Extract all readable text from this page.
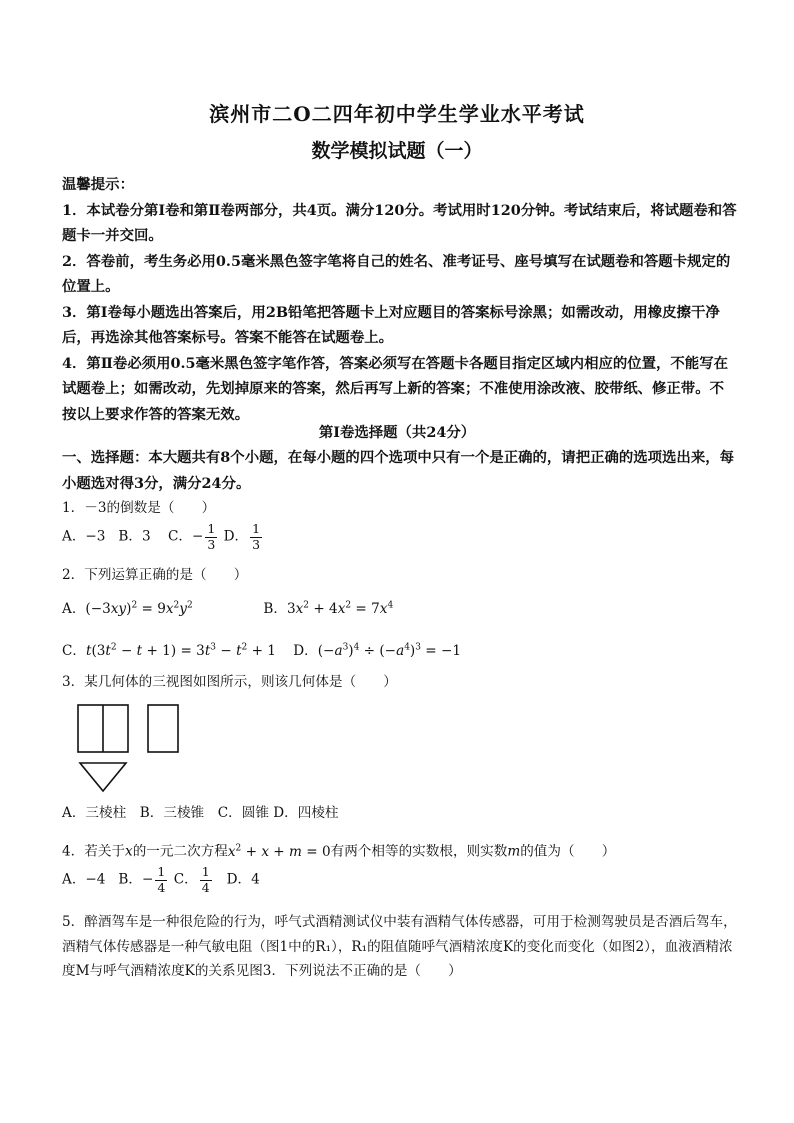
滨州市二O二四年初中学生学业水平考试
数学模拟试题（一）

温馨提示：

1．本试卷分第Ⅰ卷和第Ⅱ卷两部分，共4页。满分120分。考试用时120分钟。考试结束后，将试题卷和答题卡一并交回。

2．答卷前，考生务必用0.5毫米黑色签字笔将自己的姓名、准考证号、座号填写在试题卷和答题卡规定的位置上。

3．第Ⅰ卷每小题选出答案后，用2B铅笔把答题卡上对应题目的答案标号涂黑；如需改动，用橡皮擦干净后，再选涂其他答案标号。答案不能答在试题卷上。

4．第Ⅱ卷必须用0.5毫米黑色签字笔作答，答案必须写在答题卡各题目指定区域内相应的位置，不能写在试题卷上；如需改动，先划掉原来的答案，然后再写上新的答案；不准使用涂改液、胶带纸、修正带。不按以上要求作答的答案无效。

第Ⅰ卷选择题（共24分）
一、选择题：本大题共有8个小题，在每小题的四个选项中只有一个是正确的，请把正确的选项选出来，每小题选对得3分，满分24分。
1．－3的倒数是（　　）
A．−3 B．3 C．− $\frac{1}{3}$ D． $\frac{1}{3}$
2．下列运算正确的是（　　）
A．$(-3xy)^2 = 9x^2y^2$	B．$3x^2 + 4x^2 = 7x^4$
C．$t(3t^2 - t + 1) = 3t^3 - t^2 + 1$ D．$(-a^3)^4 \div (-a^4)^3 = -1$
3．某几何体的三视图如图所示，则该几何体是（　　）
A．三棱柱　B．三棱锥　C．圆锥 D．四棱柱
4．若关于x的一元二次方程$x^2 + x + m = 0$有两个相等的实数根，则实数m的值为（　　）
A．−4 B．− $\frac{1}{4}$ C． $\frac{1}{4}$ D．4
5．醉酒驾车是一种很危险的行为，呼气式酒精测试仪中装有酒精气体传感器，可用于检测驾驶员是否酒后驾车，酒精气体传感器是一种气敏电阻（图1中的R₁），R₁的阻值随呼气酒精浓度K的变化而变化（如图2），血液酒精浓度M与呼气酒精浓度K的关系见图3．下列说法不正确的是（　　）
